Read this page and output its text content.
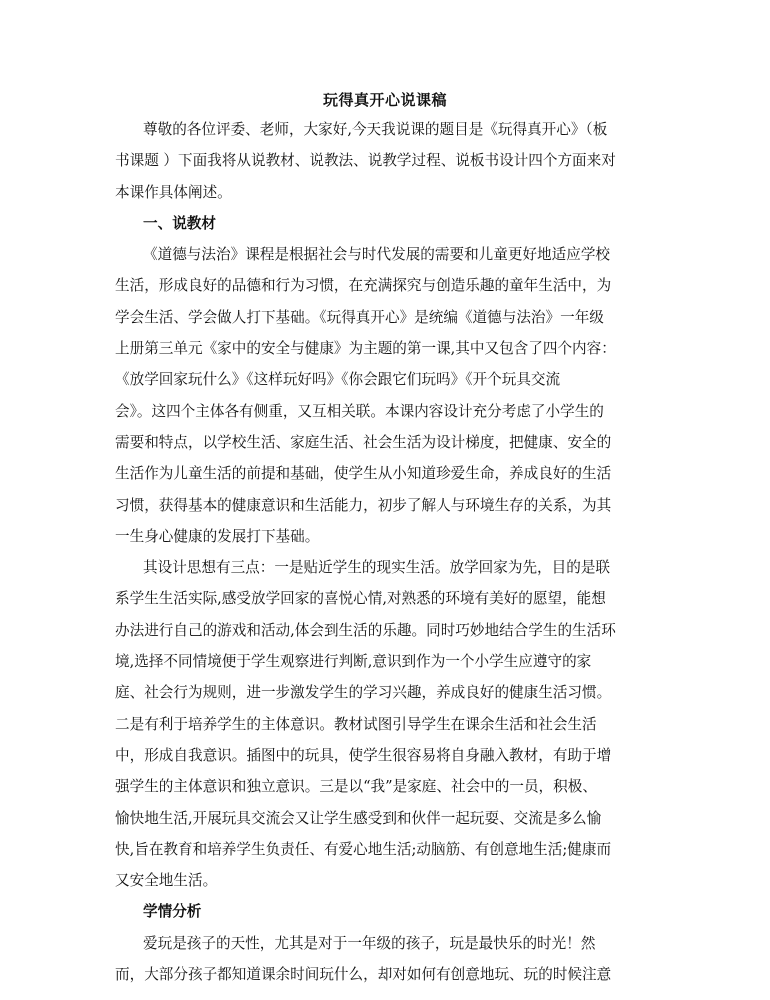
玩得真开心说课稿
尊敬的各位评委、老师，大家好,今天我说课的题目是《玩得真开心》（板
书课题 ）下面我将从说教材、说教法、说教学过程、说板书设计四个方面来对
本课作具体阐述。
一、说教材
《道德与法治》课程是根据社会与时代发展的需要和儿童更好地适应学校
生活，形成良好的品德和行为习惯，在充满探究与创造乐趣的童年生活中，为
学会生活、学会做人打下基础。《玩得真开心》是统编《道德与法治》一年级
上册第三单元《家中的安全与健康》为主题的第一课,其中又包含了四个内容：
《放学回家玩什么》《这样玩好吗》《你会跟它们玩吗》《开个玩具交流
会》。这四个主体各有侧重，又互相关联。本课内容设计充分考虑了小学生的
需要和特点，以学校生活、家庭生活、社会生活为设计梯度，把健康、安全的
生活作为儿童生活的前提和基础，使学生从小知道珍爱生命，养成良好的生活
习惯，获得基本的健康意识和生活能力，初步了解人与环境生存的关系，为其
一生身心健康的发展打下基础。
其设计思想有三点：一是贴近学生的现实生活。放学回家为先，目的是联
系学生生活实际,感受放学回家的喜悦心情,对熟悉的环境有美好的愿望，能想
办法进行自己的游戏和活动,体会到生活的乐趣。同时巧妙地结合学生的生活环
境,选择不同情境便于学生观察进行判断,意识到作为一个小学生应遵守的家
庭、社会行为规则，进一步激发学生的学习兴趣，养成良好的健康生活习惯。
二是有利于培养学生的主体意识。教材试图引导学生在课余生活和社会生活
中，形成自我意识。插图中的玩具，使学生很容易将自身融入教材，有助于增
强学生的主体意识和独立意识。三是以“我”是家庭、社会中的一员，积极、
愉快地生活,开展玩具交流会又让学生感受到和伙伴一起玩耍、交流是多么愉
快,旨在教育和培养学生负责任、有爱心地生活;动脑筋、有创意地生活;健康而
又安全地生活。
学情分析
爱玩是孩子的天性，尤其是对于一年级的孩子，玩是最快乐的时光！然
而，大部分孩子都知道课余时间玩什么，却对如何有创意地玩、玩的时候注意
